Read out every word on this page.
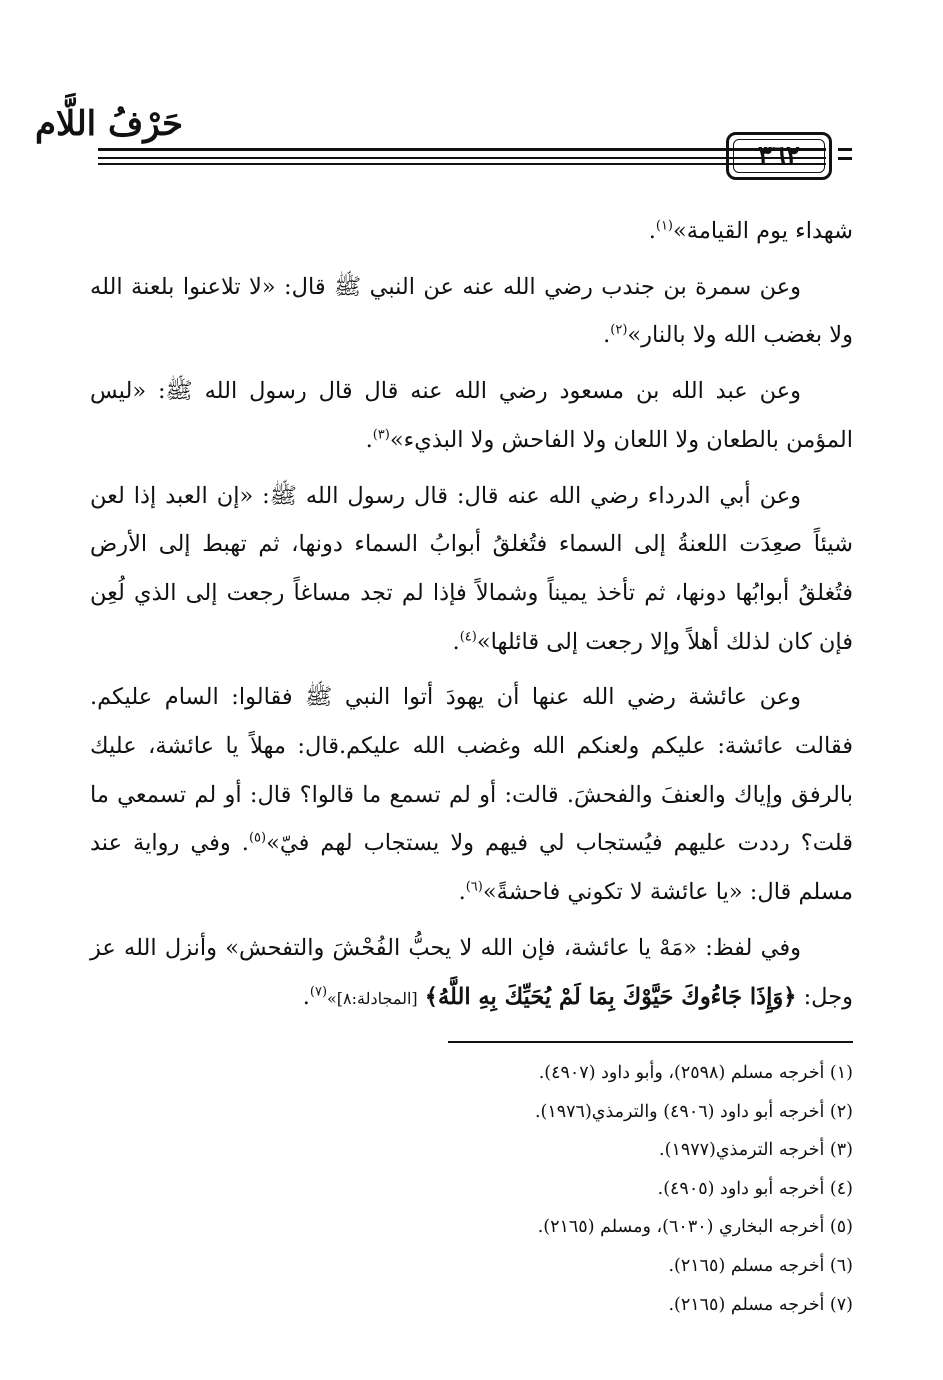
حَرْفُ اللَّام
٣٦٢

شهداء يوم القيامة»$^{(١)}$.

وعن سمرة بن جندب رضي الله عنه عن النبي ﷺ قال: «لا تلاعنوا بلعنة الله ولا بغضب الله ولا بالنار»$^{(٢)}$.

وعن عبد الله بن مسعود رضي الله عنه قال قال رسول الله ﷺ: «ليس المؤمن بالطعان ولا اللعان ولا الفاحش ولا البذيء»$^{(٣)}$.

وعن أبي الدرداء رضي الله عنه قال: قال رسول الله ﷺ: «إن العبد إذا لعن شيئاً صعِدَت اللعنةُ إلى السماء فتُغلقُ أبوابُ السماء دونها، ثم تهبط إلى الأرض فتُغلقُ أبوابُها دونها، ثم تأخذ يميناً وشمالاً فإذا لم تجد مساغاً رجعت إلى الذي لُعِن فإن كان لذلك أهلاً وإلا رجعت إلى قائلها»$^{(٤)}$.

وعن عائشة رضي الله عنها أن يهودَ أتوا النبي ﷺ فقالوا: السام عليكم. فقالت عائشة: عليكم ولعنكم الله وغضب الله عليكم.قال: مهلاً يا عائشة، عليك بالرفق وإياك والعنفَ والفحشَ. قالت: أو لم تسمع ما قالوا؟ قال: أو لم تسمعي ما قلت؟ رددت عليهم فيُستجاب لي فيهم ولا يستجاب لهم فيّ»$^{(٥)}$. وفي رواية عند مسلم قال: «يا عائشة لا تكوني فاحشةً»$^{(٦)}$.

وفي لفظ: «مَهْ يا عائشة، فإن الله لا يحبُّ الفُحْشَ والتفحش» وأنزل الله عز وجل: ﴿وَإِذَا جَاءُوكَ حَيَّوْكَ بِمَا لَمْ يُحَيِّكَ بِهِ اللَّهُ﴾ [المجادلة:٨]»$^{(٧)}$.

(١) أخرجه مسلم (٢٥٩٨)، وأبو داود (٤٩٠٧).
(٢) أخرجه أبو داود (٤٩٠٦) والترمذي(١٩٧٦).
(٣) أخرجه الترمذي(١٩٧٧).
(٤) أخرجه أبو داود (٤٩٠٥).
(٥) أخرجه البخاري (٦٠٣٠)، ومسلم (٢١٦٥).
(٦) أخرجه مسلم (٢١٦٥).
(٧) أخرجه مسلم (٢١٦٥).
